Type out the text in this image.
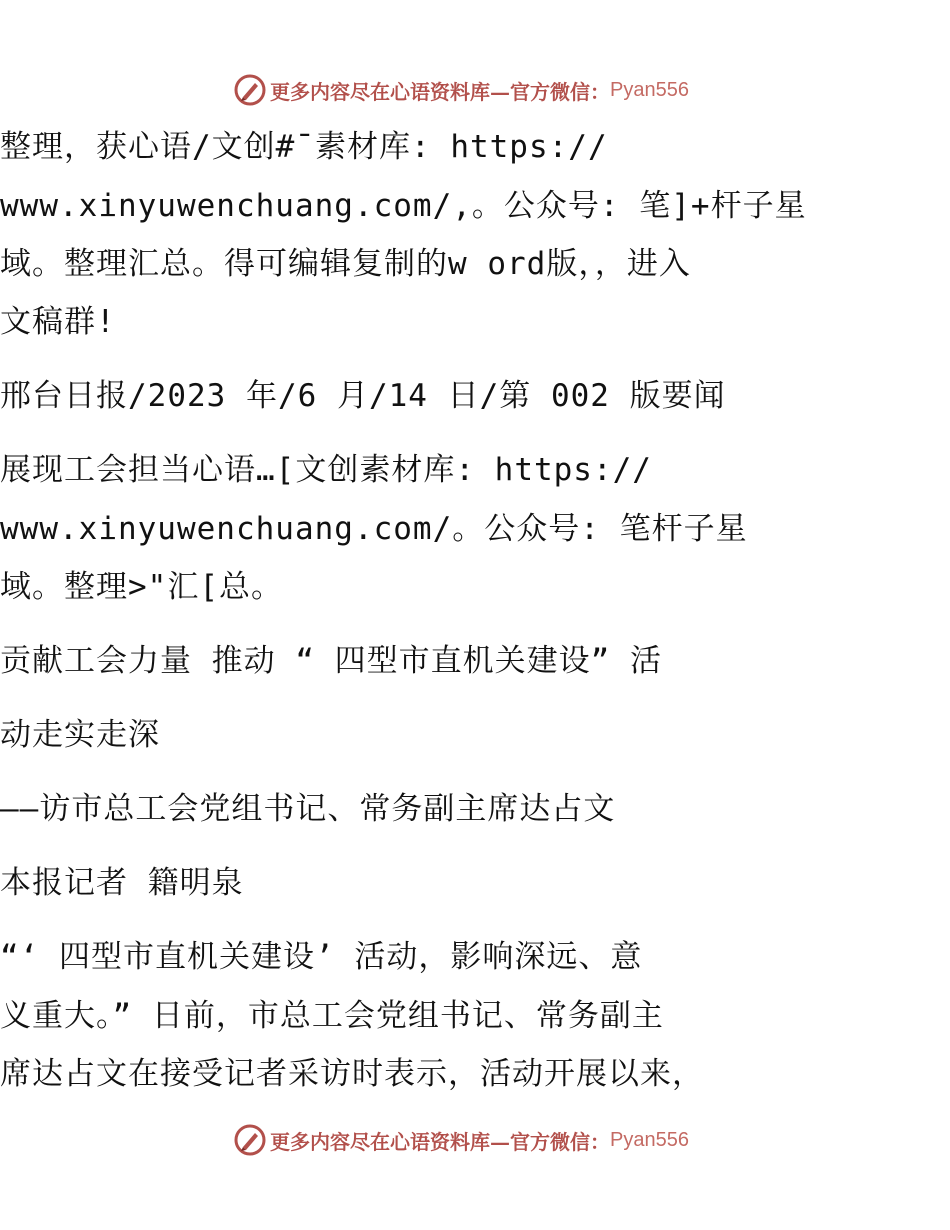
更多内容尽在心语资料库—官方微信： Pyan556
整理，获心语/文创#¯素材库: https://
www.xinyuwenchuang.com/,。公众号: 笔]+杆子星
域。整理汇总。得可编辑复制的w ord版，，进入
文稿群!
邢台日报/2023 年/6 月/14 日/第 002 版要闻
展现工会担当心语…[文创素材库: https://
www.xinyuwenchuang.com/。公众号: 笔杆子星
域。整理>"汇[总。
贡献工会力量 推动 “ 四型市直机关建设” 活
动走实走深
——访市总工会党组书记、常务副主席达占文
本报记者 籍明泉
“‘ 四型市直机关建设’ 活动，影响深远、意
义重大。” 日前，市总工会党组书记、常务副主
席达占文在接受记者采访时表示，活动开展以来，
更多内容尽在心语资料库—官方微信： Pyan556
